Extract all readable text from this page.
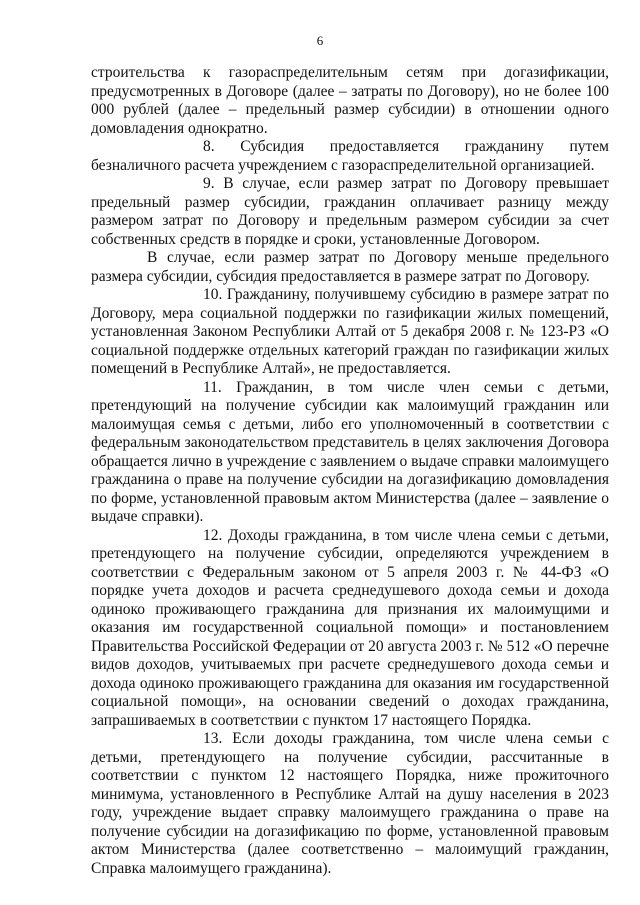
6

строительства к газораспределительным сетям при догазификации, предусмотренных в Договоре (далее – затраты по Договору), но не более 100 000 рублей (далее – предельный размер субсидии) в отношении одного домовладения однократно.

8. Субсидия предоставляется гражданину путем безналичного расчета учреждением с газораспределительной организацией.

9. В случае, если размер затрат по Договору превышает предельный размер субсидии, гражданин оплачивает разницу между размером затрат по Договору и предельным размером субсидии за счет собственных средств в порядке и сроки, установленные Договором.

В случае, если размер затрат по Договору меньше предельного размера субсидии, субсидия предоставляется в размере затрат по Договору.

10. Гражданину, получившему субсидию в размере затрат по Договору, мера социальной поддержки по газификации жилых помещений, установленная Законом Республики Алтай от 5 декабря 2008 г. № 123-РЗ «О социальной поддержке отдельных категорий граждан по газификации жилых помещений в Республике Алтай», не предоставляется.

11. Гражданин, в том числе член семьи с детьми, претендующий на получение субсидии как малоимущий гражданин или малоимущая семья с детьми, либо его уполномоченный в соответствии с федеральным законодательством представитель в целях заключения Договора обращается лично в учреждение с заявлением о выдаче справки малоимущего гражданина о праве на получение субсидии на догазификацию домовладения по форме, установленной правовым актом Министерства (далее – заявление о выдаче справки).

12. Доходы гражданина, в том числе члена семьи с детьми, претендующего на получение субсидии, определяются учреждением в соответствии с Федеральным законом от 5 апреля 2003 г. № 44-ФЗ «О порядке учета доходов и расчета среднедушевого дохода семьи и дохода одиноко проживающего гражданина для признания их малоимущими и оказания им государственной социальной помощи» и постановлением Правительства Российской Федерации от 20 августа 2003 г. № 512 «О перечне видов доходов, учитываемых при расчете среднедушевого дохода семьи и дохода одиноко проживающего гражданина для оказания им государственной социальной помощи», на основании сведений о доходах гражданина, запрашиваемых в соответствии с пунктом 17 настоящего Порядка.

13. Если доходы гражданина, том числе члена семьи с детьми, претендующего на получение субсидии, рассчитанные в соответствии с пунктом 12 настоящего Порядка, ниже прожиточного минимума, установленного в Республике Алтай на душу населения в 2023 году, учреждение выдает справку малоимущего гражданина о праве на получение субсидии на догазификацию по форме, установленной правовым актом Министерства (далее соответственно – малоимущий гражданин, Справка малоимущего гражданина).
